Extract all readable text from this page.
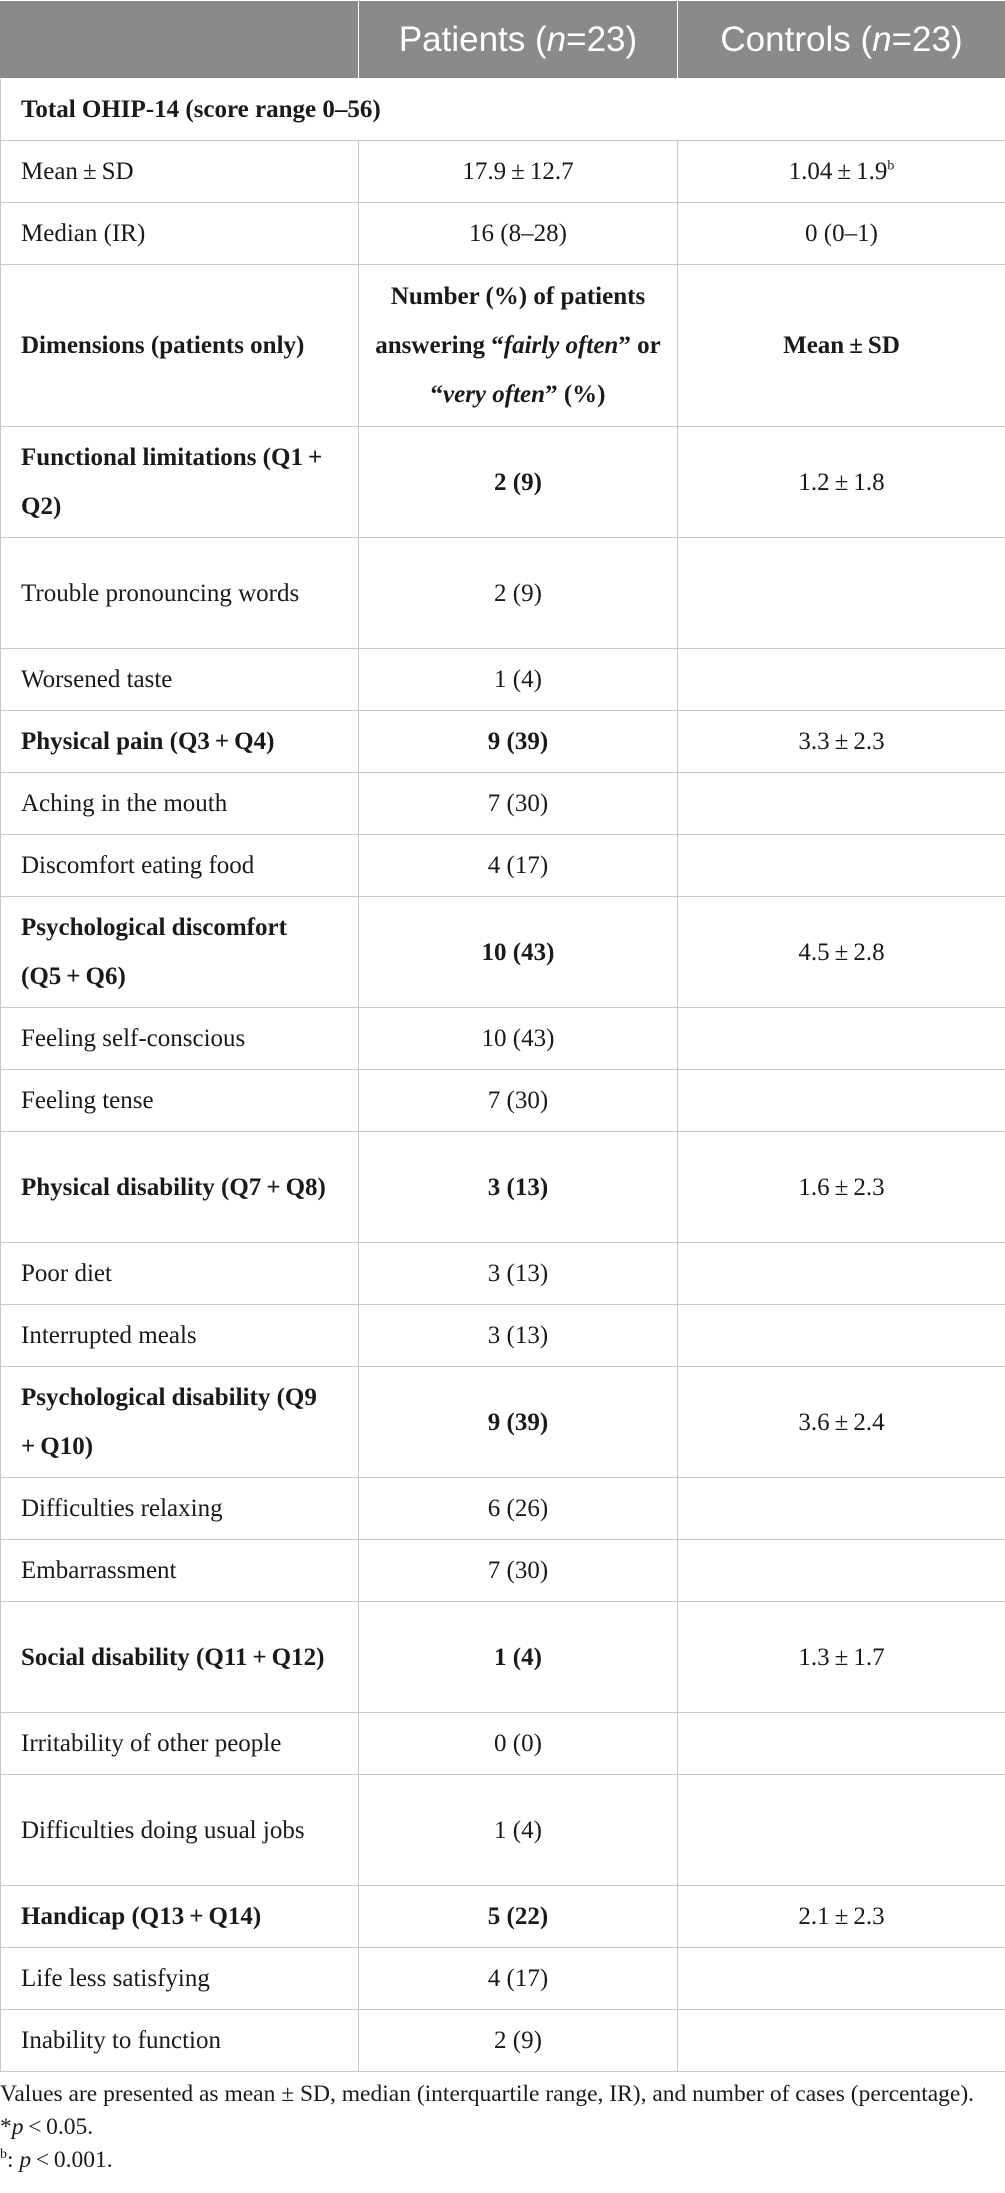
	Patients (n=23)	Controls (n=23)
Total OHIP-14 (score range 0–56)		
Mean ± SD	17.9 ± 12.7	1.04 ± 1.9$^b$
Median (IR)	16 (8–28)	0 (0–1)
Dimensions (patients only)	Number (%) of patients answering “fairly often” or “very often” (%)	Mean ± SD
Functional limitations (Q1 + Q2)	2 (9)	1.2 ± 1.8
Trouble pronouncing words	2 (9)	
Worsened taste	1 (4)	
Physical pain (Q3 + Q4)	9 (39)	3.3 ± 2.3
Aching in the mouth	7 (30)	
Discomfort eating food	4 (17)	
Psychological discomfort (Q5 + Q6)	10 (43)	4.5 ± 2.8
Feeling self-conscious	10 (43)	
Feeling tense	7 (30)	
Physical disability (Q7 + Q8)	3 (13)	1.6 ± 2.3
Poor diet	3 (13)	
Interrupted meals	3 (13)	
Psychological disability (Q9 + Q10)	9 (39)	3.6 ± 2.4
Difficulties relaxing	6 (26)	
Embarrassment	7 (30)	
Social disability (Q11 + Q12)	1 (4)	1.3 ± 1.7
Irritability of other people	0 (0)	
Difficulties doing usual jobs	1 (4)	
Handicap (Q13 + Q14)	5 (22)	2.1 ± 2.3
Life less satisfying	4 (17)	
Inability to function	2 (9)	

Values are presented as mean ± SD, median (interquartile range, IR), and number of cases (percentage). *p < 0.05.

$^b$: p < 0.001.
